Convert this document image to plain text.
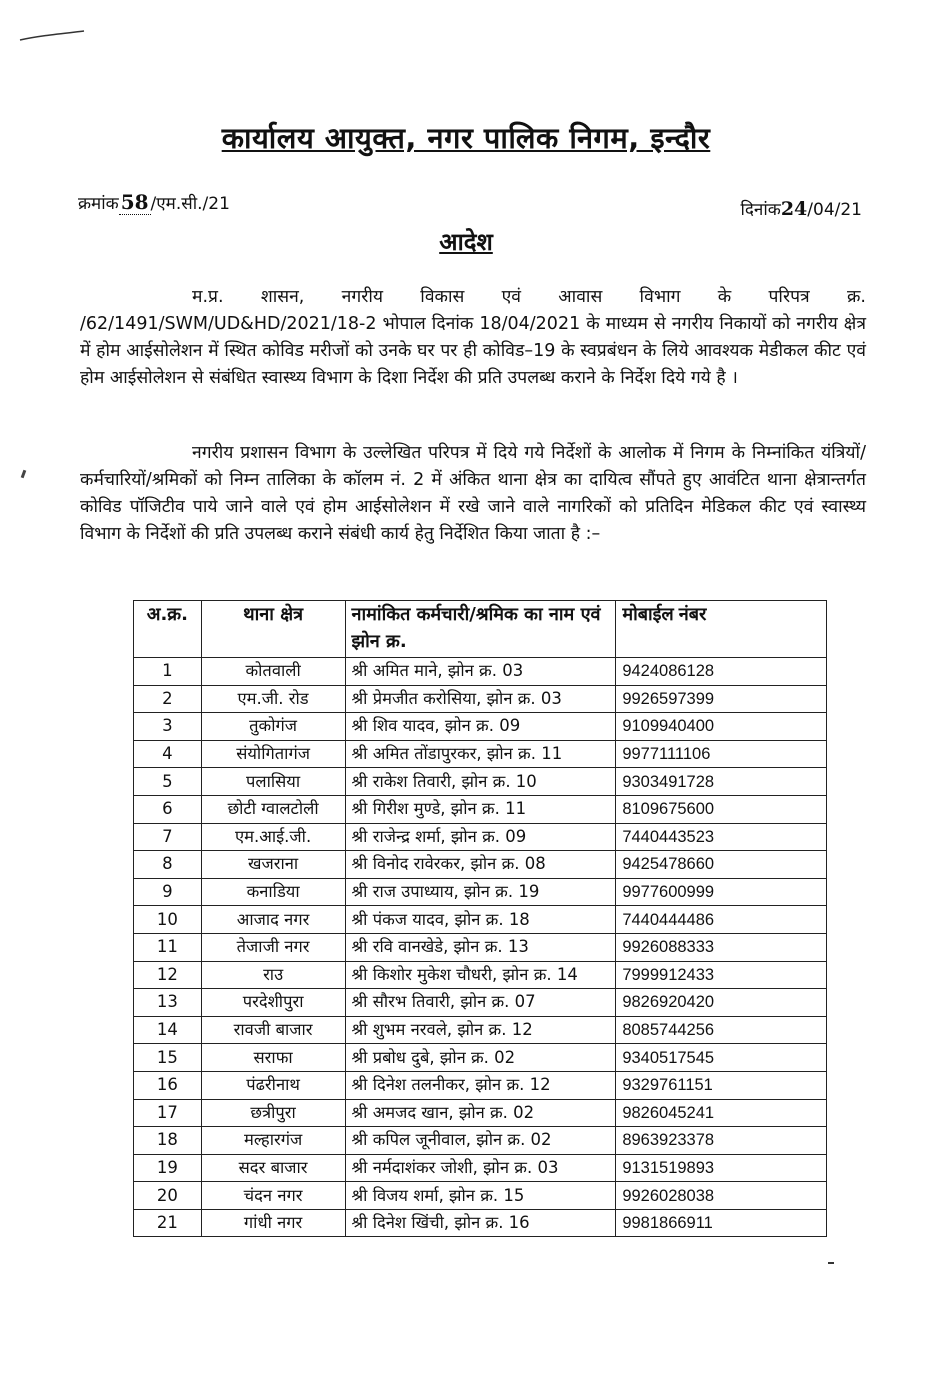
कार्यालय आयुक्त, नगर पालिक निगम, इन्दौर
क्रमांक 58 /एम.सी./21	दिनांक24/04/21
आदेश
म.प्र. शासन, नगरीय विकास एवं आवास विभाग के परिपत्र क्र. /62/1491/SWM/UD&HD/2021/18-2 भोपाल दिनांक 18/04/2021 के माध्यम से नगरीय निकायों को नगरीय क्षेत्र में होम आईसोलेशन में स्थित कोविड मरीजों को उनके घर पर ही कोविड–19 के स्वप्रबंधन के लिये आवश्यक मेडीकल कीट एवं होम आईसोलेशन से संबंधित स्वास्थ्य विभाग के दिशा निर्देश की प्रति उपलब्ध कराने के निर्देश दिये गये है ।
नगरीय प्रशासन विभाग के उल्लेखित परिपत्र में दिये गये निर्देशों के आलोक में निगम के निम्नांकित यंत्रियों/कर्मचारियों/श्रमिकों को निम्न तालिका के कॉलम नं. 2 में अंकित थाना क्षेत्र का दायित्व सौंपते हुए आवंटित थाना क्षेत्रान्तर्गत कोविड पॉजिटीव पाये जाने वाले एवं होम आईसोलेशन में रखे जाने वाले नागरिकों को प्रतिदिन मेडिकल कीट एवं स्वास्थ्य विभाग के निर्देशों की प्रति उपलब्ध कराने संबंधी कार्य हेतु निर्देशित किया जाता है :–
अ.क्र.	थाना क्षेत्र	नामांकित कर्मचारी/श्रमिक का नाम एवं झोन क्र.	मोबाईल नंबर
1	कोतवाली	श्री अमित माने, झोन क्र. 03	9424086128
2	एम.जी. रोड	श्री प्रेमजीत करोसिया, झोन क्र. 03	9926597399
3	तुकोगंज	श्री शिव यादव, झोन क्र. 09	9109940400
4	संयोगितागंज	श्री अमित तोंडापुरकर, झोन क्र. 11	9977111106
5	पलासिया	श्री राकेश तिवारी, झोन क्र. 10	9303491728
6	छोटी ग्वालटोली	श्री गिरीश मुण्डे, झोन क्र. 11	8109675600
7	एम.आई.जी.	श्री राजेन्द्र शर्मा, झोन क्र. 09	7440443523
8	खजराना	श्री विनोद रावेरकर, झोन क्र. 08	9425478660
9	कनाडिया	श्री राज उपाध्याय, झोन क्र. 19	9977600999
10	आजाद नगर	श्री पंकज यादव, झोन क्र. 18	7440444486
11	तेजाजी नगर	श्री रवि वानखेडे, झोन क्र. 13	9926088333
12	राउ	श्री किशोर मुकेश चौधरी, झोन क्र. 14	7999912433
13	परदेशीपुरा	श्री सौरभ तिवारी, झोन क्र. 07	9826920420
14	रावजी बाजार	श्री शुभम नरवले, झोन क्र. 12	8085744256
15	सराफा	श्री प्रबोध दुबे, झोन क्र. 02	9340517545
16	पंढरीनाथ	श्री दिनेश तलनीकर, झोन क्र. 12	9329761151
17	छत्रीपुरा	श्री अमजद खान, झोन क्र. 02	9826045241
18	मल्हारगंज	श्री कपिल जूनीवाल, झोन क्र. 02	8963923378
19	सदर बाजार	श्री नर्मदाशंकर जोशी, झोन क्र. 03	9131519893
20	चंदन नगर	श्री विजय शर्मा, झोन क्र. 15	9926028038
21	गांधी नगर	श्री दिनेश खिंची, झोन क्र. 16	9981866911
